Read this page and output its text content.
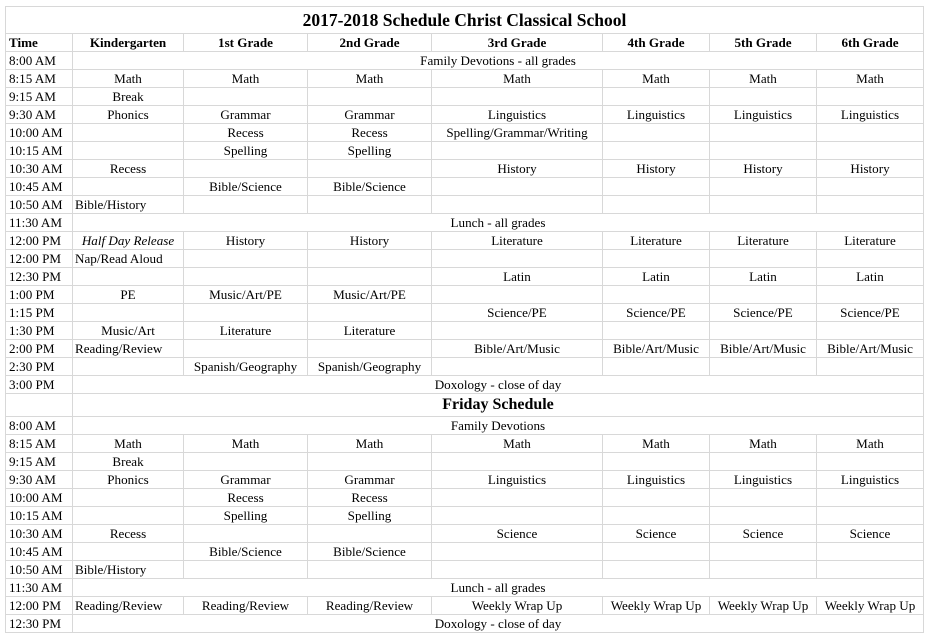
2017-2018 Schedule Christ Classical School							
Time	Kindergarten	1st Grade	2nd Grade	3rd Grade	4th Grade	5th Grade	6th Grade
8:00 AM	Family Devotions - all grades						
8:15 AM	Math	Math	Math	Math	Math	Math	Math
9:15 AM	Break						
9:30 AM	Phonics	Grammar	Grammar	Linguistics	Linguistics	Linguistics	Linguistics
10:00 AM		Recess	Recess	Spelling/Grammar/Writing			
10:15 AM		Spelling	Spelling				
10:30 AM	Recess			History	History	History	History
10:45 AM		Bible/Science	Bible/Science				
10:50 AM	Bible/History						
11:30 AM	Lunch - all grades						
12:00 PM	Half Day Release	History	History	Literature	Literature	Literature	Literature
12:00 PM	Nap/Read Aloud						
12:30 PM				Latin	Latin	Latin	Latin
1:00 PM	PE	Music/Art/PE	Music/Art/PE				
1:15 PM				Science/PE	Science/PE	Science/PE	Science/PE
1:30 PM	Music/Art	Literature	Literature				
2:00 PM	Reading/Review			Bible/Art/Music	Bible/Art/Music	Bible/Art/Music	Bible/Art/Music
2:30 PM		Spanish/Geography	Spanish/Geography				
3:00 PM	Doxology - close of day						
	Friday Schedule						
8:00 AM	Family Devotions						
8:15 AM	Math	Math	Math	Math	Math	Math	Math
9:15 AM	Break						
9:30 AM	Phonics	Grammar	Grammar	Linguistics	Linguistics	Linguistics	Linguistics
10:00 AM		Recess	Recess				
10:15 AM		Spelling	Spelling				
10:30 AM	Recess			Science	Science	Science	Science
10:45 AM		Bible/Science	Bible/Science				
10:50 AM	Bible/History						
11:30 AM	Lunch - all grades						
12:00 PM	Reading/Review	Reading/Review	Reading/Review	Weekly Wrap Up	Weekly Wrap Up	Weekly Wrap Up	Weekly Wrap Up
12:30 PM	Doxology - close of day						
